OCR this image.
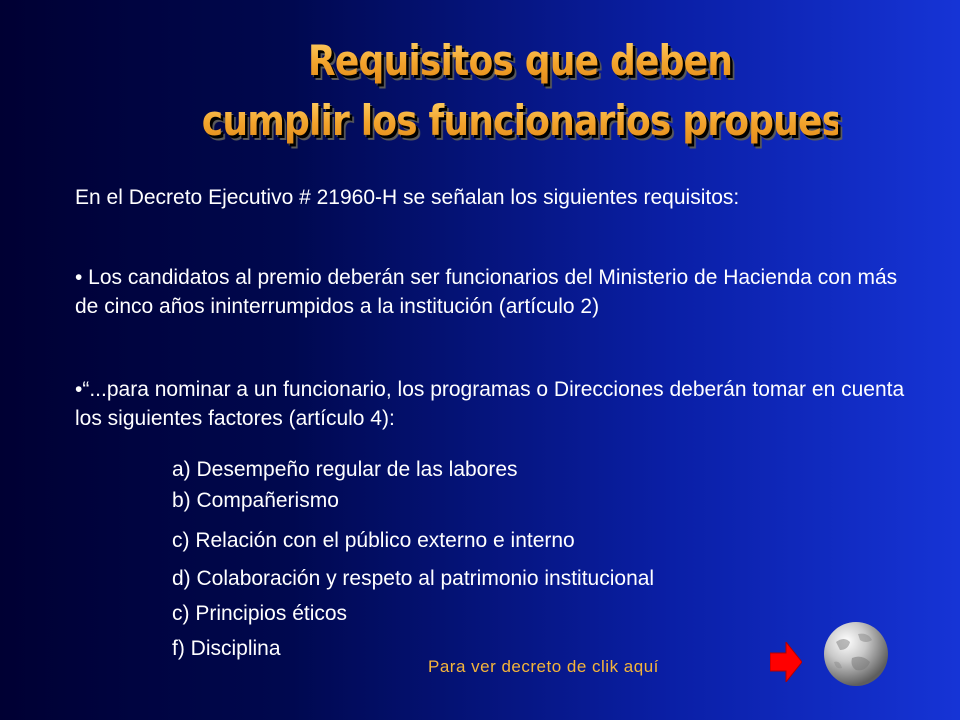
Requisitos que deben
cumplir los funcionarios propuestos
En el Decreto Ejecutivo # 21960-H se señalan los siguientes requisitos:
• Los candidatos al premio deberán ser funcionarios del Ministerio de Hacienda con más de cinco años ininterrumpidos a la institución (artículo 2)
•“...para nominar a un funcionario, los programas o Direcciones deberán tomar en cuenta los siguientes factores (artículo 4):
a) Desempeño regular de las labores
b) Compañerismo
c) Relación con el público externo e interno
d) Colaboración y respeto al patrimonio institucional
c) Principios éticos
f) Disciplina
Para ver decreto de clik aquí
